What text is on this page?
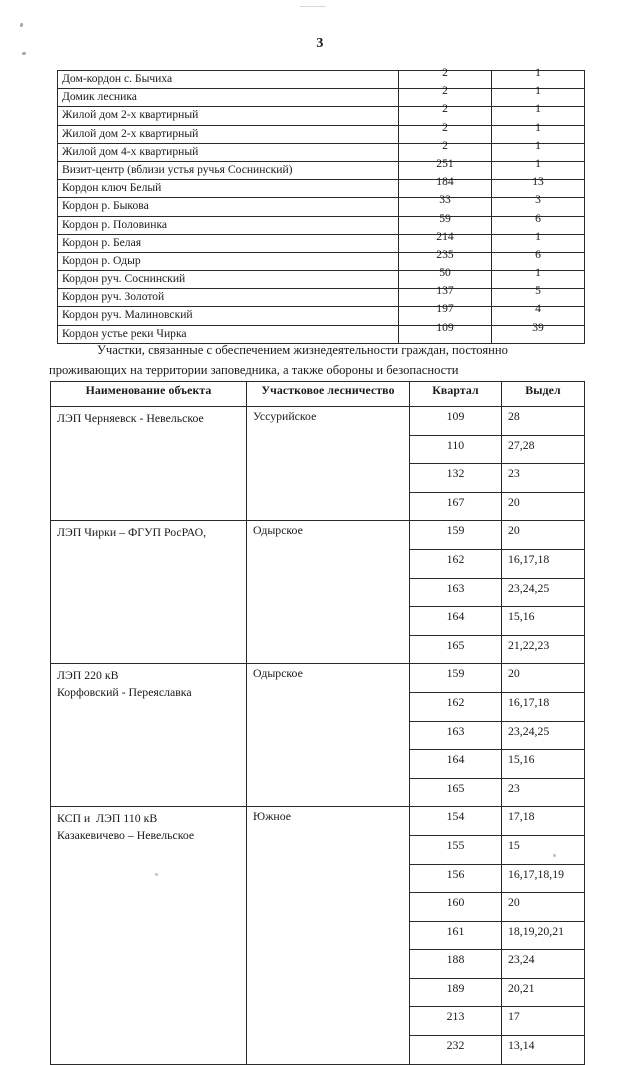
3
Дом-кордон с. Бычиха	2	1
Домик лесника	2	1
Жилой дом 2-х квартирный	2	1
Жилой дом 2-х квартирный	2	1
Жилой дом 4-х квартирный	2	1
Визит-центр (вблизи устья ручья Соснинский)	251	1
Кордон ключ Белый	184	13
Кордон р. Быкова	33	3
Кордон р. Половинка	59	6
Кордон р. Белая	214	1
Кордон р. Одыр	235	6
Кордон руч. Соснинский	50	1
Кордон руч. Золотой	137	5
Кордон руч. Малиновский	197	4
Кордон устье реки Чирка	109	39
Участки, связанные с обеспечением жизнедеятельности граждан, постоянно
проживающих на территории заповедника, а также обороны и безопасности
Наименование объекта	Участковое лесничество	Квартал	Выдел

ЛЭП Черняевск - Невельское	Уссурийское	109	28
		110	27,28
		132	23
		167	20

ЛЭП Чирки – ФГУП РосРАО,	Одырское	159	20
		162	16,17,18
		163	23,24,25
		164	15,16
		165	21,22,23

ЛЭП 220 кВ
Корфовский - Переяславка	Одырское	159	20
		162	16,17,18
		163	23,24,25
		164	15,16
		165	23

КСП и  ЛЭП 110 кВ
Казакевичево – Невельское	Южное	154	17,18
		155	15
		156	16,17,18,19
		160	20
		161	18,19,20,21
		188	23,24
		189	20,21
		213	17
		232	13,14
